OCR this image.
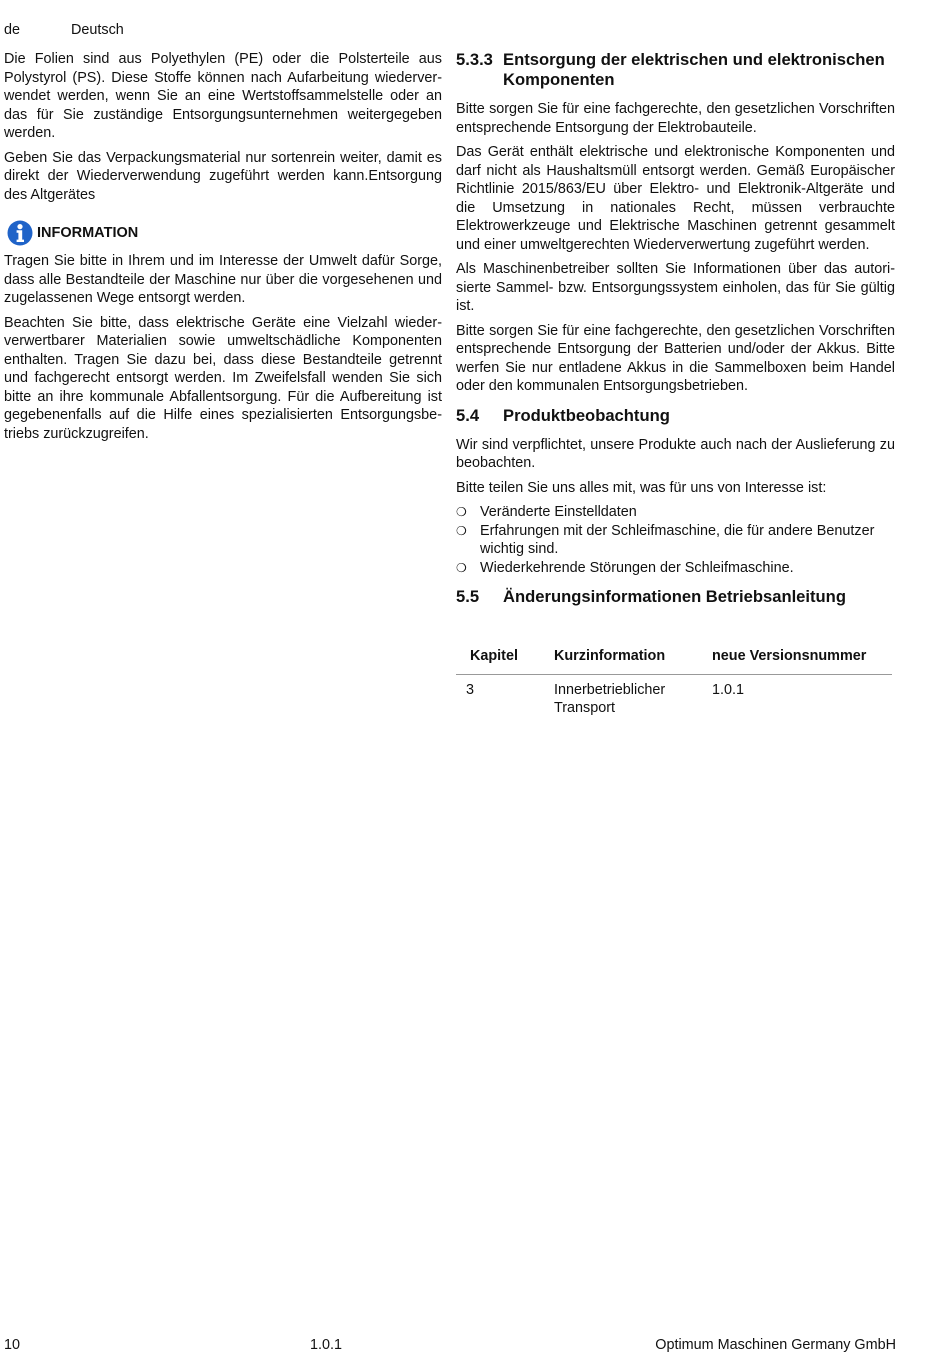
de	Deutsch

Die Folien sind aus Polyethylen (PE) oder die Polsterteile aus Polystyrol (PS). Diese Stoffe können nach Aufarbeitung wiederverwendet werden, wenn Sie an eine Wertstoffsammelstelle oder an das für Sie zuständige Entsorgungsunternehmen weitergegeben werden.

Geben Sie das Verpackungsmaterial nur sortenrein weiter, damit es direkt der Wiederverwendung zugeführt werden kann.Entsorgung des Altgerätes

INFORMATION

Tragen Sie bitte in Ihrem und im Interesse der Umwelt dafür Sorge, dass alle Bestandteile der Maschine nur über die vorgesehenen und zugelassenen Wege entsorgt werden.

Beachten Sie bitte, dass elektrische Geräte eine Vielzahl wiederverwertbarer Materialien sowie umweltschädliche Komponenten enthalten. Tragen Sie dazu bei, dass diese Bestandteile getrennt und fachgerecht entsorgt werden. Im Zweifelsfall wenden Sie sich bitte an ihre kommunale Abfallentsorgung. Für die Aufbereitung ist gegebenenfalls auf die Hilfe eines spezialisierten Entsorgungsbetriebs zurückzugreifen.

5.3.3 Entsorgung der elektrischen und elektronischen Komponenten

Bitte sorgen Sie für eine fachgerechte, den gesetzlichen Vorschriften entsprechende Entsorgung der Elektrobauteile.

Das Gerät enthält elektrische und elektronische Komponenten und darf nicht als Haushaltsmüll entsorgt werden. Gemäß Europäischer Richtlinie 2015/863/EU über Elektro- und Elektronik-Altgeräte und die Umsetzung in nationales Recht, müssen verbrauchte Elektrowerkzeuge und Elektrische Maschinen getrennt gesammelt und einer umweltgerechten Wiederverwertung zugeführt werden.

Als Maschinenbetreiber sollten Sie Informationen über das autorisierte Sammel- bzw. Entsorgungssystem einholen, das für Sie gültig ist.

Bitte sorgen Sie für eine fachgerechte, den gesetzlichen Vorschriften entsprechende Entsorgung der Batterien und/oder der Akkus. Bitte werfen Sie nur entladene Akkus in die Sammelboxen beim Handel oder den kommunalen Entsorgungsbetrieben.

5.4	Produktbeobachtung

Wir sind verpflichtet, unsere Produkte auch nach der Auslieferung zu beobachten.

Bitte teilen Sie uns alles mit, was für uns von Interesse ist:

❍ Veränderte Einstelldaten
❍ Erfahrungen mit der Schleifmaschine, die für andere Benutzer wichtig sind.
❍ Wiederkehrende Störungen der Schleifmaschine.
5.5	Änderungsinformationen Betriebsanleitung
Kapitel	Kurzinformation	neue Versionsnummer
3	Innerbetrieblicher Transport	1.0.1
10	1.0.1	Optimum Maschinen Germany GmbH
